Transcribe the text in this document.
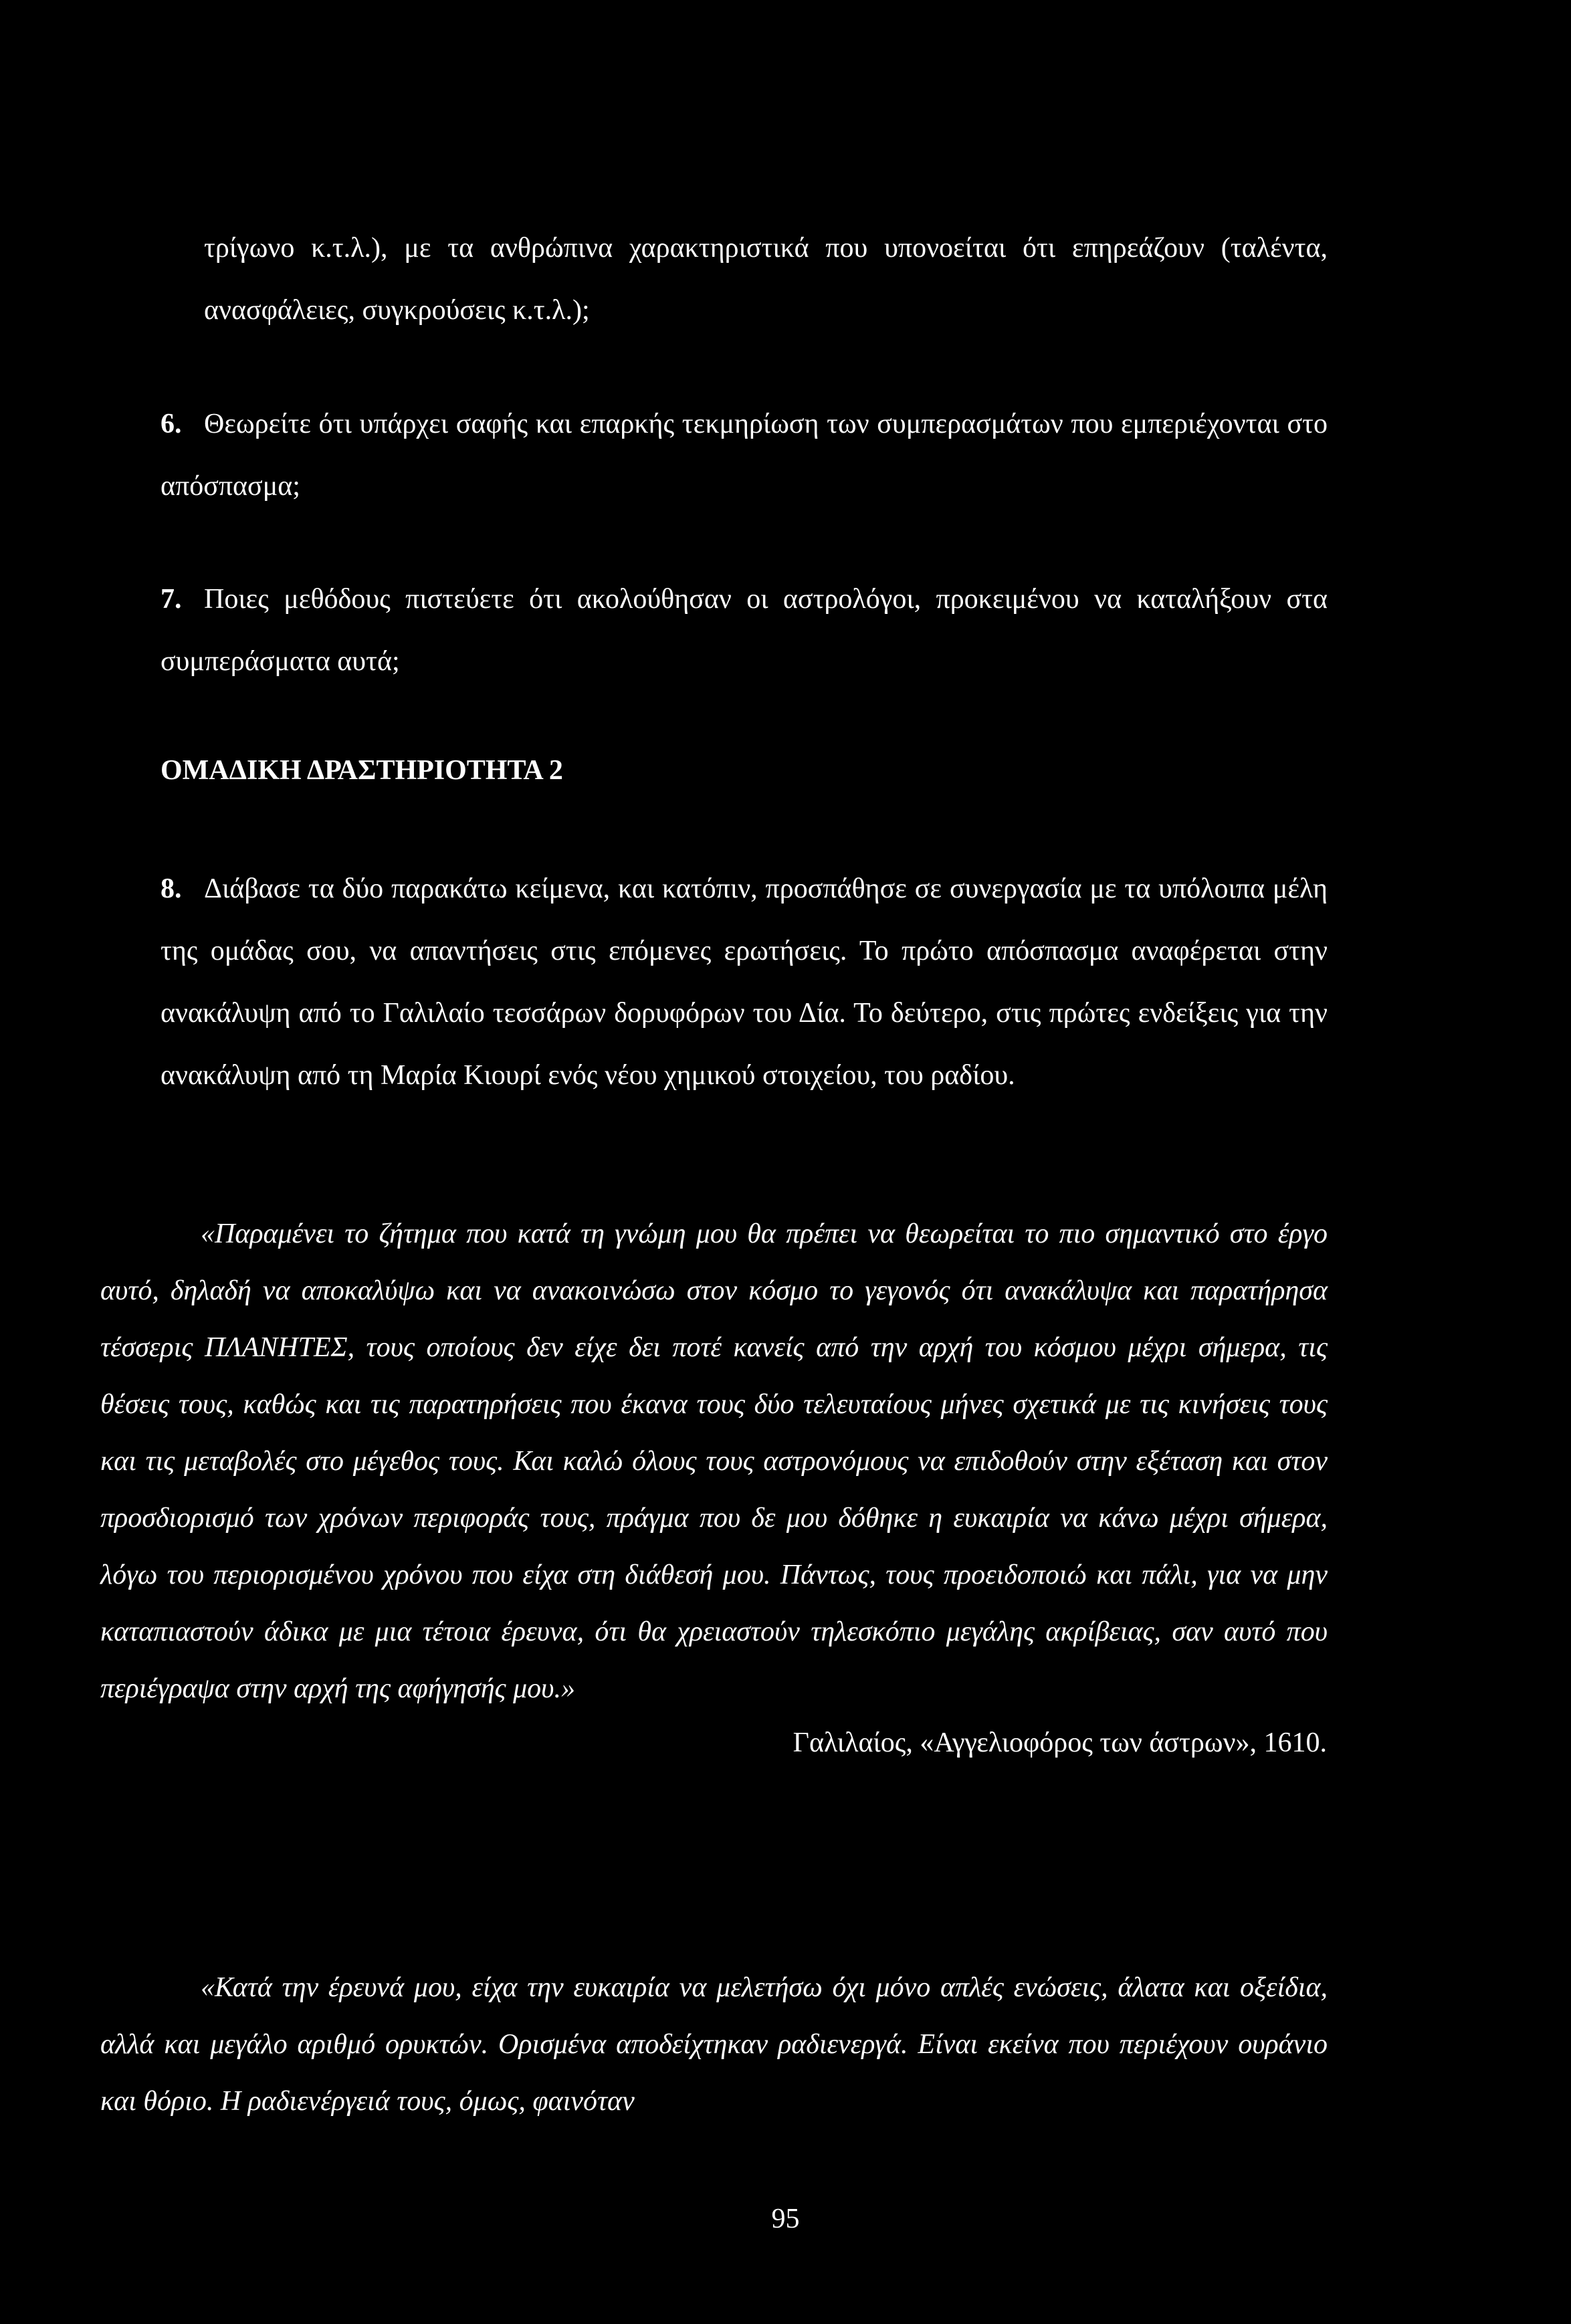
τρίγωνο κ.τ.λ.), με τα ανθρώπινα χαρακτηριστικά που υπονοείται ότι επηρεάζουν (ταλέντα, ανασφάλειες, συγκρούσεις κ.τ.λ.);
6. Θεωρείτε ότι υπάρχει σαφής και επαρκής τεκμηρίωση των συμπερασμάτων που εμπεριέχονται στο απόσπασμα;
7. Ποιες μεθόδους πιστεύετε ότι ακολούθησαν οι αστρολόγοι, προκειμένου να καταλήξουν στα συμπεράσματα αυτά;
ΟΜΑΔΙΚΗ ΔΡΑΣΤΗΡΙΟΤΗΤΑ 2
8. Διάβασε τα δύο παρακάτω κείμενα, και κατόπιν, προσπάθησε σε συνεργασία με τα υπόλοιπα μέλη της ομάδας σου, να απαντήσεις στις επόμενες ερωτήσεις. Το πρώτο απόσπασμα αναφέρεται στην ανακάλυψη από το Γαλιλαίο τεσσάρων δορυφόρων του Δία. Το δεύτερο, στις πρώτες ενδείξεις για την ανακάλυψη από τη Μαρία Κιουρί ενός νέου χημικού στοιχείου, του ραδίου.
«Παραμένει το ζήτημα που κατά τη γνώμη μου θα πρέπει να θεωρείται το πιο σημαντικό στο έργο αυτό, δηλαδή να αποκαλύψω και να ανακοινώσω στον κόσμο το γεγονός ότι ανακάλυψα και παρατήρησα τέσσερις ΠΛΑΝΗΤΕΣ, τους οποίους δεν είχε δει ποτέ κανείς από την αρχή του κόσμου μέχρι σήμερα, τις θέσεις τους, καθώς και τις παρατηρήσεις που έκανα τους δύο τελευταίους μήνες σχετικά με τις κινήσεις τους και τις μεταβολές στο μέγεθος τους. Και καλώ όλους τους αστρονόμους να επιδοθούν στην εξέταση και στον προσδιορισμό των χρόνων περιφοράς τους, πράγμα που δε μου δόθηκε η ευκαιρία να κάνω μέχρι σήμερα, λόγω του περιορισμένου χρόνου που είχα στη διάθεσή μου. Πάντως, τους προειδοποιώ και πάλι, για να μην καταπιαστούν άδικα με μια τέτοια έρευνα, ότι θα χρειαστούν τηλεσκόπιο μεγάλης ακρίβειας, σαν αυτό που περιέγραψα στην αρχή της αφήγησής μου.»
Γαλιλαίος, «Αγγελιοφόρος των άστρων», 1610.
«Κατά την έρευνά μου, είχα την ευκαιρία να μελετήσω όχι μόνο απλές ενώσεις, άλατα και οξείδια, αλλά και μεγάλο αριθμό ορυκτών. Ορισμένα αποδείχτηκαν ραδιενεργά. Είναι εκείνα που περιέχουν ουράνιο και θόριο. Η ραδιενέργειά τους, όμως, φαινόταν
95
